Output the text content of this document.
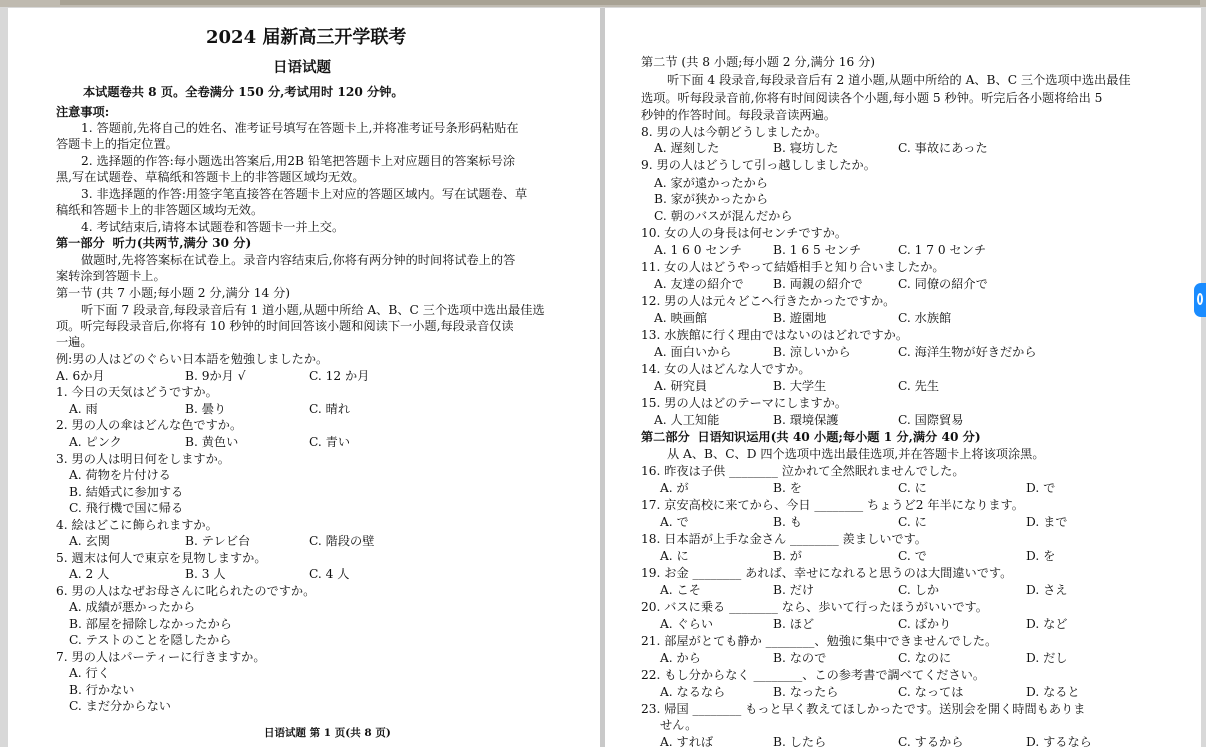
2024 届新高三开学联考
日语试题
本试题卷共 8 页。全卷满分 150 分,考试用时 120 分钟。
注意事项:
1. 答题前,先将自己的姓名、准考证号填写在答题卡上,并将准考证号条形码粘贴在
答题卡上的指定位置。
2. 选择题的作答:每小题选出答案后,用2B 铅笔把答题卡上对应题目的答案标号涂
黑,写在试题卷、草稿纸和答题卡上的非答题区域均无效。
3. 非选择题的作答:用签字笔直接答在答题卡上对应的答题区域内。写在试题卷、草
稿纸和答题卡上的非答题区域均无效。
4. 考试结束后,请将本试题卷和答题卡一并上交。
第一部分 听力(共两节,满分 30 分)
做题时,先将答案标在试卷上。录音内容结束后,你将有两分钟的时间将试卷上的答
案转涂到答题卡上。
第一节 (共 7 小题;每小题 2 分,满分 14 分)
听下面 7 段录音,每段录音后有 1 道小题,从题中所给 A、B、C 三个选项中选出最佳选
项。听完每段录音后,你将有 10 秒钟的时间回答该小题和阅读下一小题,每段录音仅读
一遍。
例:男の人はどのぐらい日本語を勉強しましたか。
A. 6か月	B. 9か月 √	C. 12 か月
1. 今日の天気はどうですか。
A. 雨	B. 曇り	C. 晴れ
2. 男の人の傘はどんな色ですか。
A. ピンク	B. 黄色い	C. 青い
3. 男の人は明日何をしますか。
A. 荷物を片付ける
B. 結婚式に参加する
C. 飛行機で国に帰る
4. 絵はどこに飾られますか。
A. 玄関	B. テレビ台	C. 階段の壁
5. 週末は何人で東京を見物しますか。
A. 2 人	B. 3 人	C. 4 人
6. 男の人はなぜお母さんに叱られたのですか。
A. 成績が悪かったから
B. 部屋を掃除しなかったから
C. テストのことを隠したから
7. 男の人はパーティーに行きますか。
A. 行く
B. 行かない
C. まだ分からない
日语试题 第 1 页(共 8 页)
第二节 (共 8 小题;每小题 2 分,满分 16 分)
听下面 4 段录音,每段录音后有 2 道小题,从题中所给的 A、B、C 三个选项中选出最佳
选项。听每段录音前,你将有时间阅读各个小题,每小题 5 秒钟。听完后各小题将给出 5
秒钟的作答时间。每段录音读两遍。
8. 男の人は今朝どうしましたか。
A. 遅刻した	B. 寝坊した	C. 事故にあった
9. 男の人はどうして引っ越ししましたか。
A. 家が遠かったから
B. 家が狭かったから
C. 朝のバスが混んだから
10. 女の人の身長は何センチですか。
A. 1 6 0 センチ	B. 1 6 5 センチ	C. 1 7 0 センチ
11. 女の人はどうやって結婚相手と知り合いましたか。
A. 友達の紹介で B. 両親の紹介で	C. 同僚の紹介で
12. 男の人は元々どこへ行きたかったですか。
A. 映画館	B. 遊園地	C. 水族館
13. 水族館に行く理由ではないのはどれですか。
A. 面白いから	B. 涼しいから	C. 海洋生物が好きだから
14. 女の人はどんな人ですか。
A. 研究員	B. 大学生	C. 先生
15. 男の人はどのテーマにしますか。
A. 人工知能	B. 環境保護	C. 国際貿易
第二部分 日语知识运用(共 40 小题;每小题 1 分,满分 40 分)
从 A、B、C、D 四个选项中选出最佳选项,并在答题卡上将该项涂黑。
16. 昨夜は子供 ________ 泣かれて全然眠れませんでした。
A. が	B. を	C. に	D. で
17. 京安高校に来てから、今日 ________ ちょうど2 年半になります。
A. で	B. も	C. に	D. まで
18. 日本語が上手な金さん ________ 羨ましいです。
A. に	B. が	C. で	D. を
19. お金 ________ あれば、幸せになれると思うのは大間違いです。
A. こそ	B. だけ	C. しか	D. さえ
20. バスに乗る ________ なら、歩いて行ったほうがいいです。
A. ぐらい	B. ほど	C. ばかり	D. など
21. 部屋がとても静か ________、勉強に集中できませんでした。
A. から	B. なので	C. なのに	D. だし
22. もし分からなく ________、この参考書で調べてください。
A. なるなら	B. なったら	C. なっては	D. なると
23. 帰国 ________ もっと早く教えてほしかったです。送別会を開く時間もありま
せん。
A. すれば	B. したら	C. するから	D. するなら
